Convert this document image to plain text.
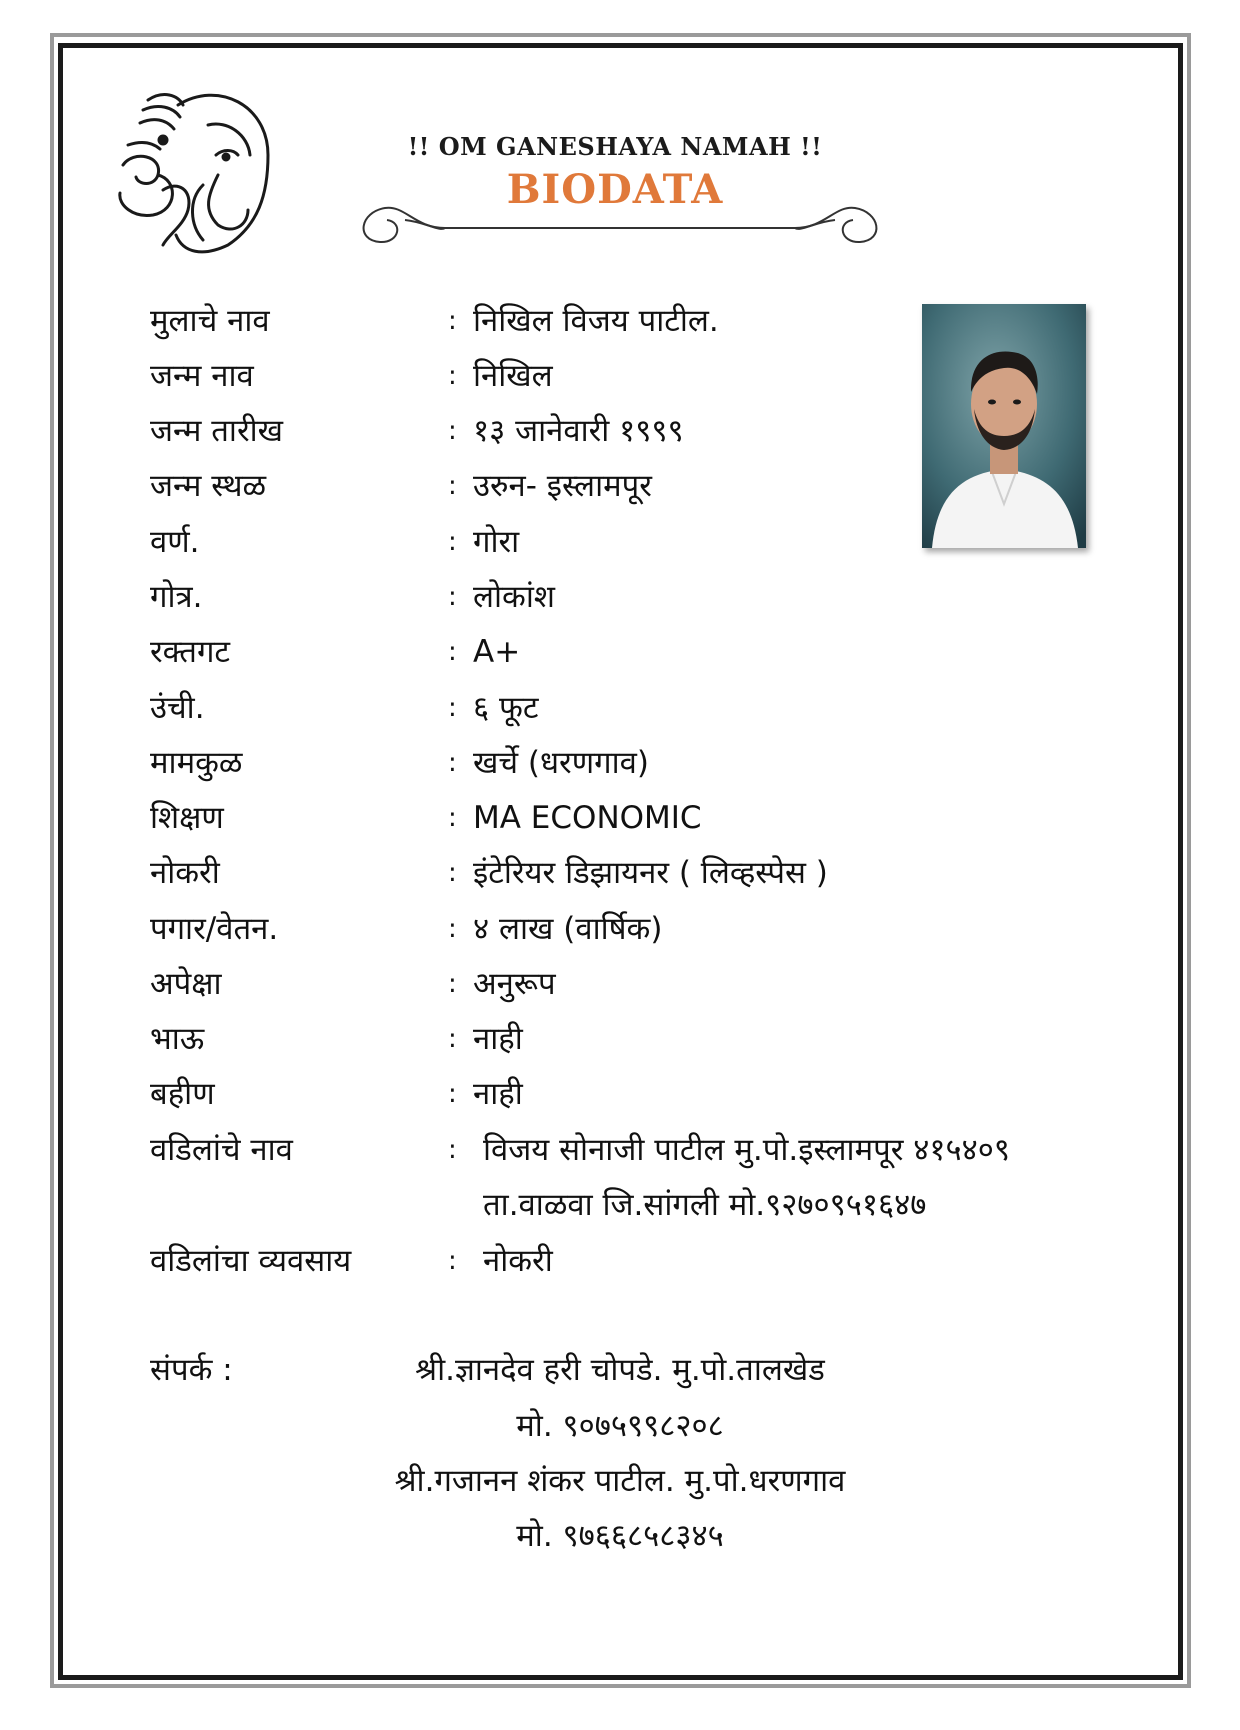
!! OM GANESHAYA NAMAH !!
BIODATA
मुलाचे नाव	: निखिल विजय पाटील.
जन्म नाव	: निखिल
जन्म तारीख	: १३ जानेवारी १९९९
जन्म स्थळ	: उरुन- इस्लामपूर
वर्ण.	: गोरा
गोत्र.	: लोकांश
रक्तगट	: A+
उंची.	: ६ फूट
मामकुळ	: खर्चे (धरणगाव)
शिक्षण	: MA ECONOMIC
नोकरी	: इंटेरियर डिझायनर ( लिव्हस्पेस )
पगार/वेतन.	: ४ लाख (वार्षिक)
अपेक्षा	: अनुरूप
भाऊ	: नाही
बहीण	: नाही
वडिलांचे नाव	: विजय सोनाजी पाटील मु.पो.इस्लामपूर ४१५४०९
ता.वाळवा जि.सांगली मो.९२७०९५१६४७
वडिलांचा व्यवसाय	: नोकरी
संपर्क :	श्री.ज्ञानदेव हरी चोपडे. मु.पो.तालखेड
मो. ९०७५९९८२०८
श्री.गजानन शंकर पाटील. मु.पो.धरणगाव
मो. ९७६६८५८३४५
